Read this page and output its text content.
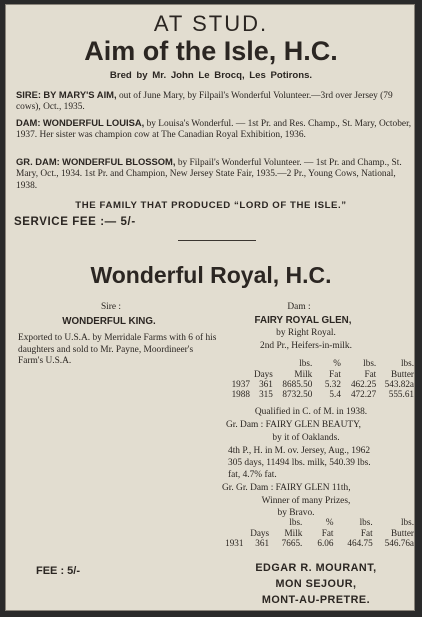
AT STUD.
Aim of the Isle, H.C.
Bred by Mr. John Le Brocq, Les Potirons.
SIRE: BY MARY'S AIM, out of June Mary, by Filpail's Wonderful Volunteer.—3rd over Jersey (79 cows), Oct., 1935.
DAM: WONDERFUL LOUISA, by Louisa's Wonderful. — 1st Pr. and Res. Champ., St. Mary, October, 1937. Her sister was champion cow at The Canadian Royal Exhibition, 1936.
GR. DAM: WONDERFUL BLOSSOM, by Filpail's Wonderful Volunteer. — 1st Pr. and Champ., St. Mary, Oct., 1934. 1st Pr. and Champion, New Jersey State Fair, 1935.—2 Pr., Young Cows, National, 1938.
THE FAMILY THAT PRODUCED “LORD OF THE ISLE.”
SERVICE FEE :— 5/-
Wonderful Royal, H.C.
Sire :	Dam :
WONDERFUL KING.	FAIRY ROYAL GLEN,
Exported to U.S.A. by Merridale Farms with 6 of his daughters and sold to Mr. Payne, Moordineer's Farm's U.S.A.
by Right Royal.
2nd Pr., Heifers-in-milk.
		lbs.	%	lbs.	lbs.
	Days	Milk	Fat	Fat	Butter
1937	361	8685.50	5.32	462.25	543.82a
1988	315	8732.50	5.4	472.27	555.61
Qualified in C. of M. in 1938.
Gr. Dam : FAIRY GLEN BEAUTY,
by it of Oaklands.
4th P., H. in M. ov. Jersey, Aug., 1962
305 days, 11494 lbs. milk, 540.39 lbs.
fat, 4.7% fat.
Gr. Gr. Dam : FAIRY GLEN 11th,
Winner of many Prizes,
by Bravo.
		lbs.	%	lbs.	lbs.
	Days	Milk	Fat	Fat	Butter
1931	361	7665.	6.06	464.75	546.76a
FEE : 5/-	EDGAR R. MOURANT,
MON SEJOUR,
MONT-AU-PRETRE.
